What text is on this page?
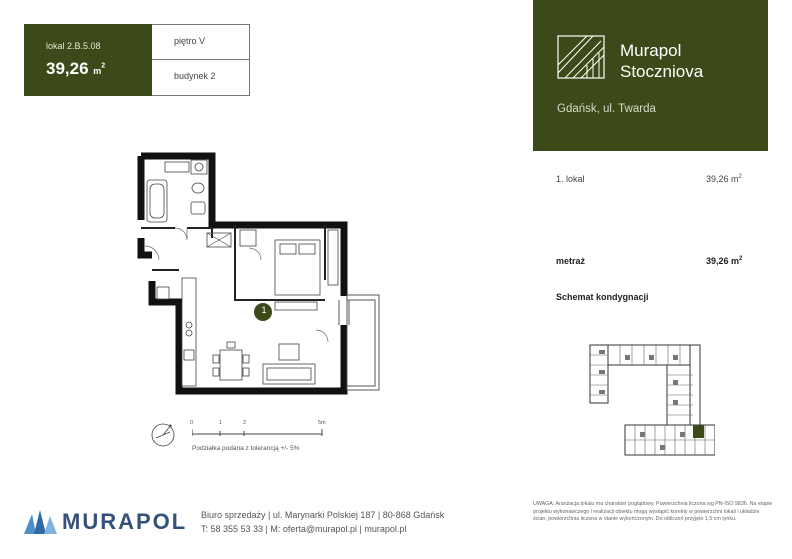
lokal 2.B.5.08
39,26 $m^2$
piętro V
budynek 2
Murapol
Stoczniova
Gdańsk, ul. Twarda
1. lokal	39,26 $m^2$
metraż	39,26 $m^2$
Schemat kondygnacji
1
0	1	2	5m
Podziałka podana z tolerancją +/- 5%
MURAPOL Biuro sprzedaży | ul. Marynarki Polskiej 187 | 80-868 Gdańsk
T: 58 355 53 33 | M: oferta@murapol.pl | murapol.pl
UWAGA: Aranżacja lokalu ma charakter poglądowy. Powierzchnia liczona wg PN-ISO 9836. Na etapie projektu wykonawczego i realizacji obiektu mogą wystąpić korekty w powierzchni lokali i układzie ścian, powierzchnia liczona w stanie wykończonym. Do obliczeń przyjęto 1,5 cm tynku.
